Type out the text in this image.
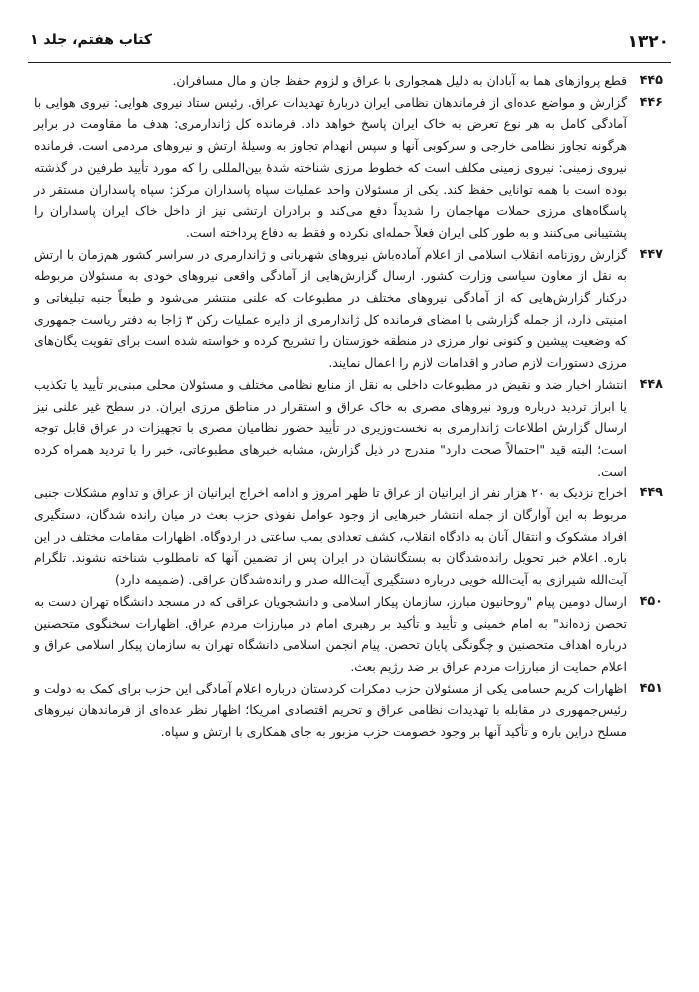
۱۳۲۰
کتاب هفتم، جلد ۱

۴۴۵
قطع پروازهای هما به آبادان به دلیل همجواری با عراق و لزوم حفظ جان و مال مسافران.

۴۴۶
گزارش و مواضع عده‌ای از فرماندهان نظامی ایران دربارهٔ تهدیدات عراق. رئیس ستاد نیروی هوایی: نیروی هوایی با آمادگی کامل به هر نوع تعرض به خاک ایران پاسخ خواهد داد. فرمانده کل ژاندارمری: هدف ما مقاومت در برابر هرگونه تجاوز نظامی خارجی و سرکوبی آنها و سپس انهدام تجاوز به وسیلهٔ ارتش و نیروهای مردمی است. فرمانده نیروی زمینی: نیروی زمینی مکلف است که خطوط مرزی شناخته شدهٔ بین‌المللی را که مورد تأیید طرفین در گذشته بوده است با همه توانایی حفظ کند. یکی از مسئولان واحد عملیات سپاه پاسداران مرکز: سپاه پاسداران مستقر در پاسگاه‌های مرزی حملات مهاجمان را شدیداً دفع می‌کند و برادران ارتشی نیز از داخل خاک ایران پاسداران را پشتیبانی می‌کنند و به طور کلی ایران فعلاً حمله‌ای نکرده و فقط به دفاع پرداخته است.

۴۴۷
گزارش روزنامه انقلاب اسلامی از اعلام آماده‌باش نیروهای شهربانی و ژاندارمری در سراسر کشور هم‌زمان با ارتش به نقل از معاون سیاسی وزارت کشور. ارسال گزارش‌هایی از آمادگی واقعی نیروهای خودی به مسئولان مربوطه درکنار گزارش‌هایی که از آمادگی نیروهای مختلف در مطبوعات که علنی منتشر می‌شود و طبعاً جنبه تبلیغاتی و امنیتی دارد، از جمله گزارشی با امضای فرمانده کل ژاندارمری از دایره عملیات رکن ۳ ژاجا به دفتر ریاست جمهوری که وضعیت پیشین و کنونی نوار مرزی در منطقه خوزستان را تشریح کرده و خواسته شده است برای تقویت یگان‌های مرزی دستورات لازم صادر و اقدامات لازم را اعمال نمایند.

۴۴۸
انتشار اخبار ضد و نقیض در مطبوعات داخلی به نقل از منابع نظامی مختلف و مسئولان محلی مبنی‌بر تأیید یا تکذیب یا ابراز تردید درباره ورود نیروهای مصری به خاک عراق و استقرار در مناطق مرزی ایران. در سطح غیر علنی نیز ارسال گزارش اطلاعات ژاندارمری به نخست‌وزیری در تأیید حضور نظامیان مصری با تجهیزات در عراق قابل توجه است؛ البته قید "احتمالاً صحت دارد" مندرج در ذیل گزارش، مشابه خبرهای مطبوعاتی، خبر را با تردید همراه کرده است.

۴۴۹
اخراج نزدیک به ۲۰ هزار نفر از ایرانیان از عراق تا ظهر امروز و ادامه اخراج ایرانیان از عراق و تداوم مشکلات جنبی مربوط به این آوارگان از جمله انتشار خبرهایی از وجود عوامل نفوذی حزب بعث در میان رانده شدگان، دستگیری افراد مشکوک و انتقال آنان به دادگاه انقلاب، کشف تعدادی بمب ساعتی در اردوگاه. اظهارات مقامات مختلف در این باره. اعلام خبر تحویل رانده‌شدگان به بستگانشان در ایران پس از تضمین آنها که نامطلوب شناخته نشوند. تلگرام آیت‌الله شیرازی به آیت‌الله خویی درباره دستگیری آیت‌الله صدر و رانده‌شدگان عراقی. (ضمیمه دارد)

۴۵۰
ارسال دومین پیام "روحانیون مبارز، سازمان پیکار اسلامی و دانشجویان عراقی که در مسجد دانشگاه تهران دست به تحصن زده‌اند" به امام خمینی و تأیید و تأکید بر رهبری امام در مبارزات مردم عراق. اظهارات سخنگوی متحصنین درباره اهداف متحصنین و چگونگی پایان تحصن. پیام انجمن اسلامی دانشگاه تهران به سازمان پیکار اسلامی عراق و اعلام حمایت از مبارزات مردم عراق بر ضد رژیم بعث.

۴۵۱
اظهارات کریم حسامی یکی از مسئولان حزب دمکرات کردستان درباره اعلام آمادگی این حزب برای کمک به دولت و رئیس‌جمهوری در مقابله با تهدیدات نظامی عراق و تحریم اقتصادی امریکا؛ اظهار نظر عده‌ای از فرماندهان نیروهای مسلح دراین باره و تأکید آنها بر وجود خصومت حزب مزبور به جای همکاری با ارتش و سپاه.
